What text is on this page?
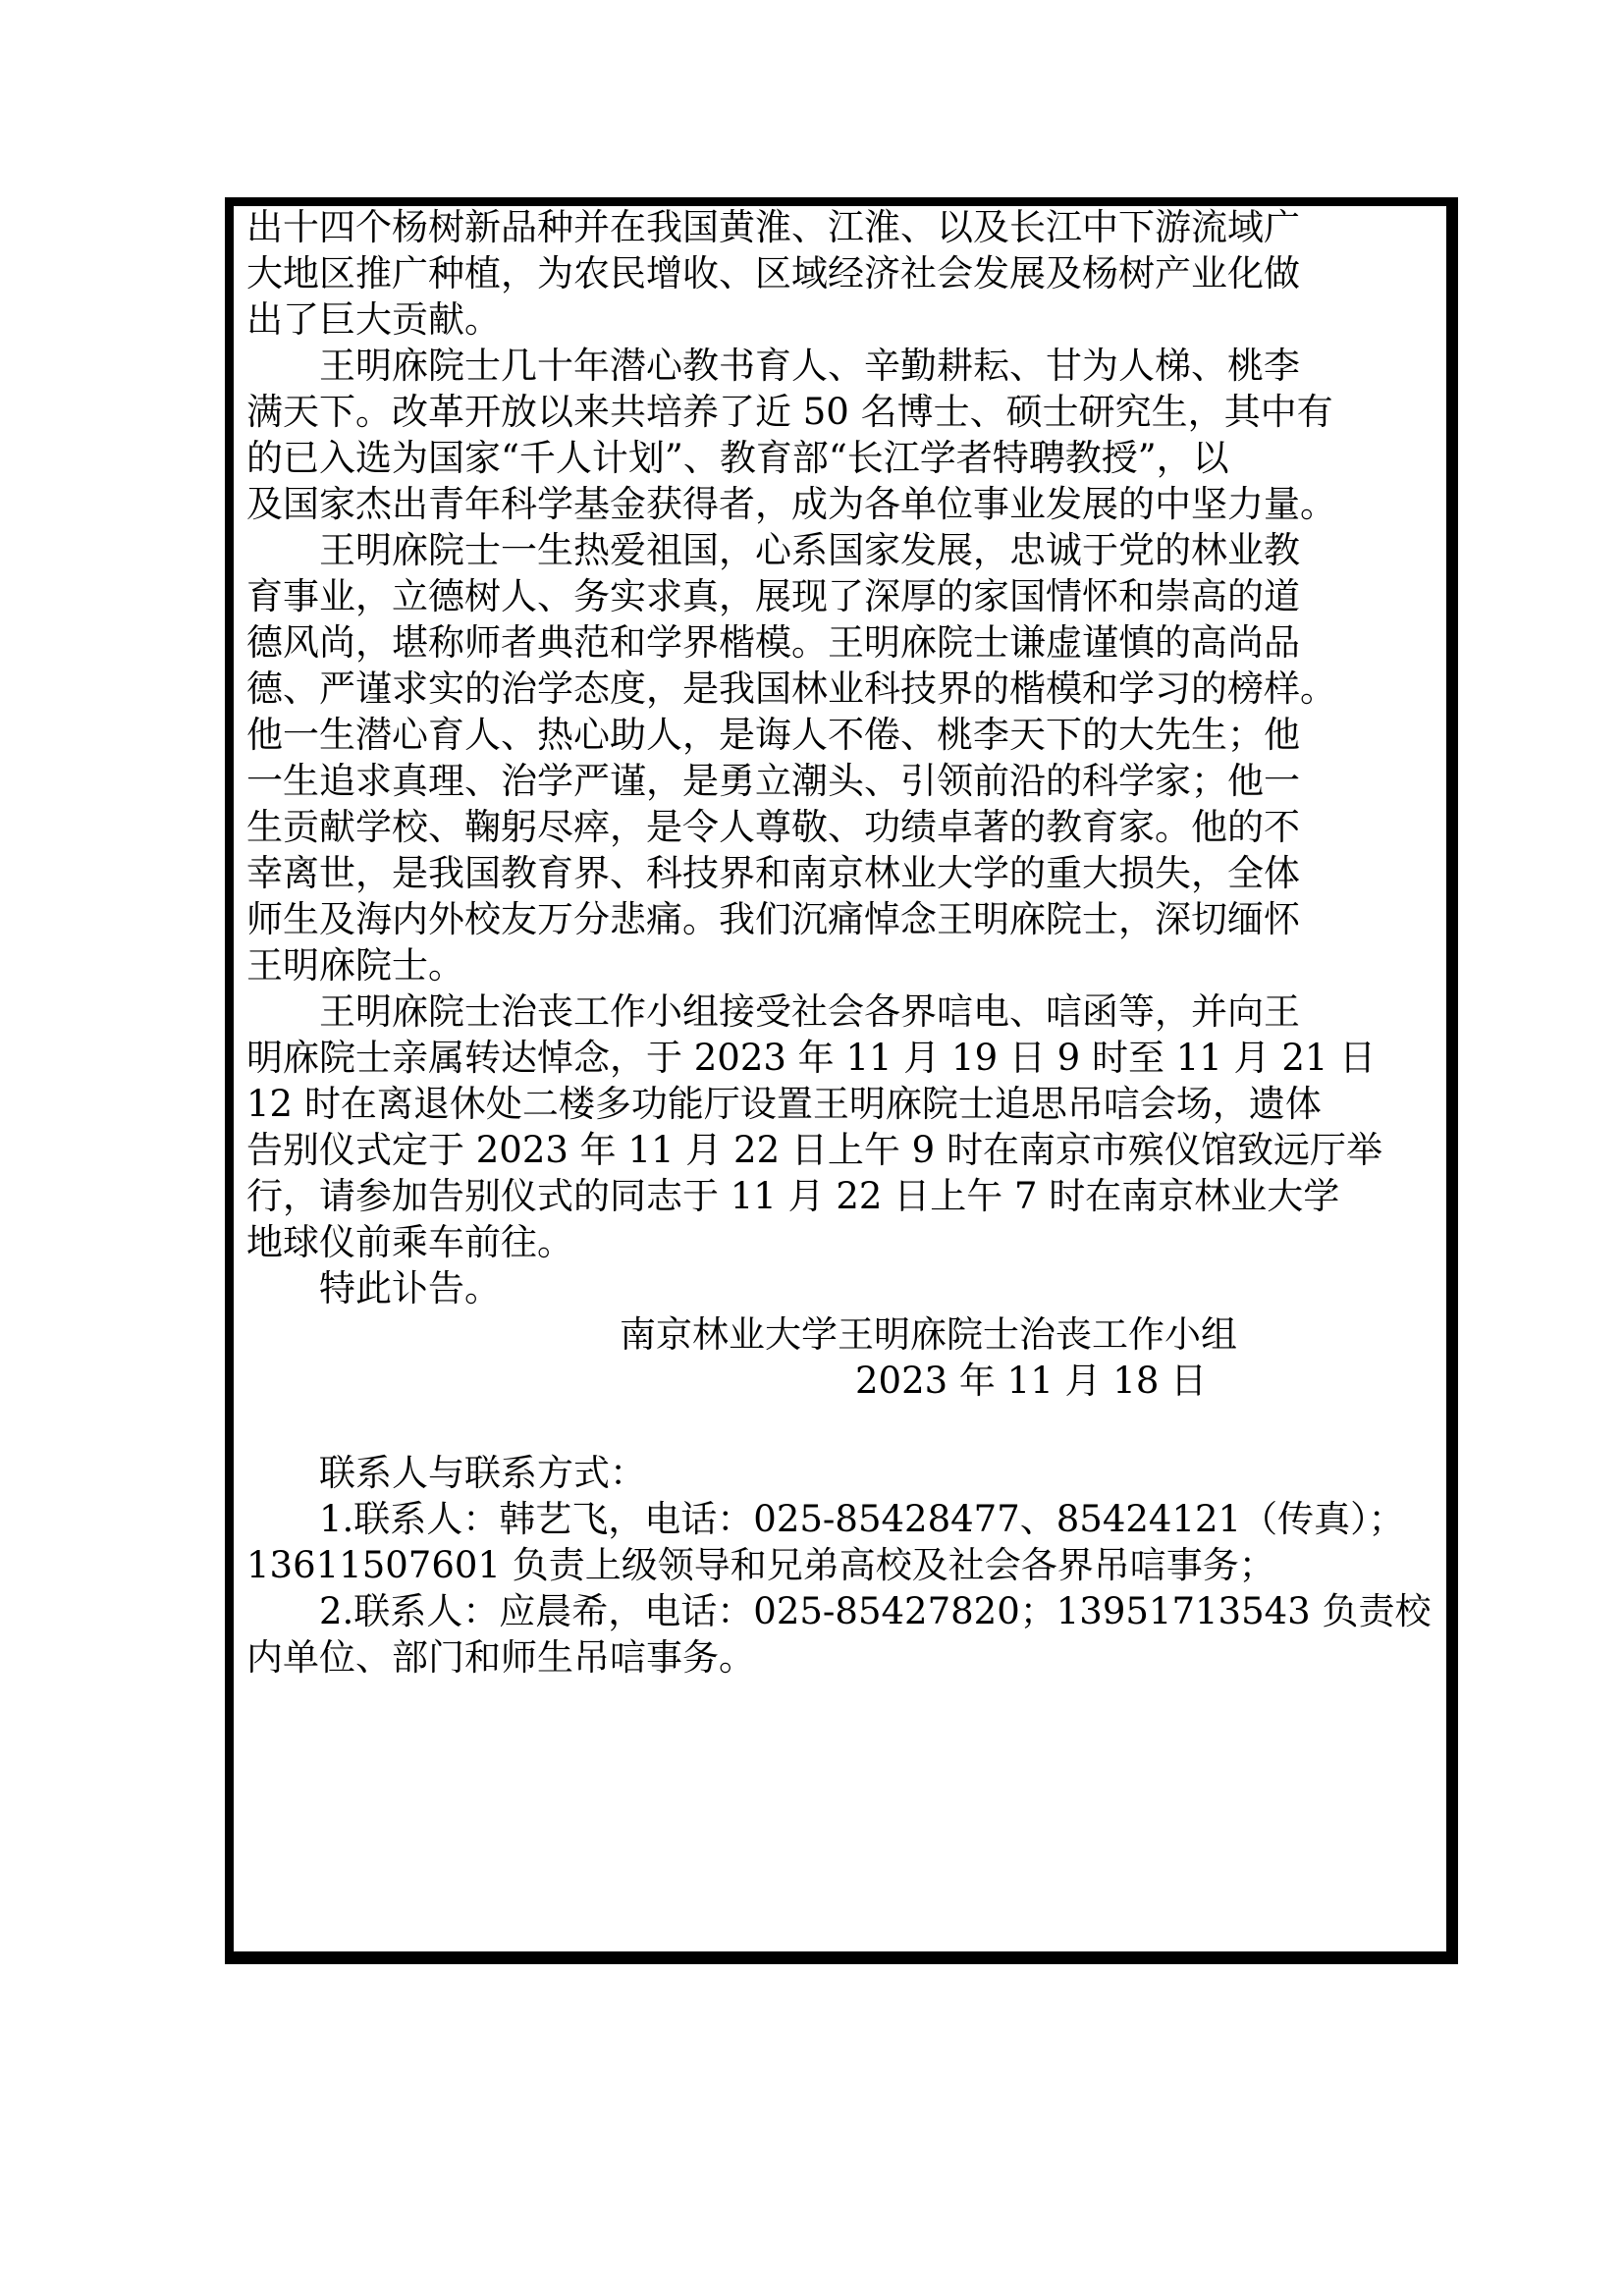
出十四个杨树新品种并在我国黄淮、江淮、以及长江中下游流域广

大地区推广种植，为农民增收、区域经济社会发展及杨树产业化做

出了巨大贡献。

王明庥院士几十年潜心教书育人、辛勤耕耘、甘为人梯、桃李

满天下。改革开放以来共培养了近 50 名博士、硕士研究生，其中有

的已入选为国家“千人计划”、教育部“长江学者特聘教授”，以

及国家杰出青年科学基金获得者，成为各单位事业发展的中坚力量。

王明庥院士一生热爱祖国，心系国家发展，忠诚于党的林业教

育事业，立德树人、务实求真，展现了深厚的家国情怀和崇高的道

德风尚，堪称师者典范和学界楷模。王明庥院士谦虚谨慎的高尚品

德、严谨求实的治学态度，是我国林业科技界的楷模和学习的榜样。

他一生潜心育人、热心助人，是诲人不倦、桃李天下的大先生；他

一生追求真理、治学严谨，是勇立潮头、引领前沿的科学家；他一

生贡献学校、鞠躬尽瘁，是令人尊敬、功绩卓著的教育家。他的不

幸离世，是我国教育界、科技界和南京林业大学的重大损失，全体

师生及海内外校友万分悲痛。我们沉痛悼念王明庥院士，深切缅怀

王明庥院士。

王明庥院士治丧工作小组接受社会各界唁电、唁函等，并向王

明庥院士亲属转达悼念，于 2023 年 11 月 19 日 9 时至 11 月 21 日

12 时在离退休处二楼多功能厅设置王明庥院士追思吊唁会场，遗体

告别仪式定于 2023 年 11 月 22 日上午 9 时在南京市殡仪馆致远厅举

行，请参加告别仪式的同志于 11 月 22 日上午 7 时在南京林业大学

地球仪前乘车前往。

特此讣告。

南京林业大学王明庥院士治丧工作小组

2023 年 11 月 18 日

联系人与联系方式：

1.联系人：韩艺飞，电话：025-85428477、85424121（传真）；

13611507601 负责上级领导和兄弟高校及社会各界吊唁事务；

2.联系人：应晨希，电话：025-85427820；13951713543 负责校

内单位、部门和师生吊唁事务。
